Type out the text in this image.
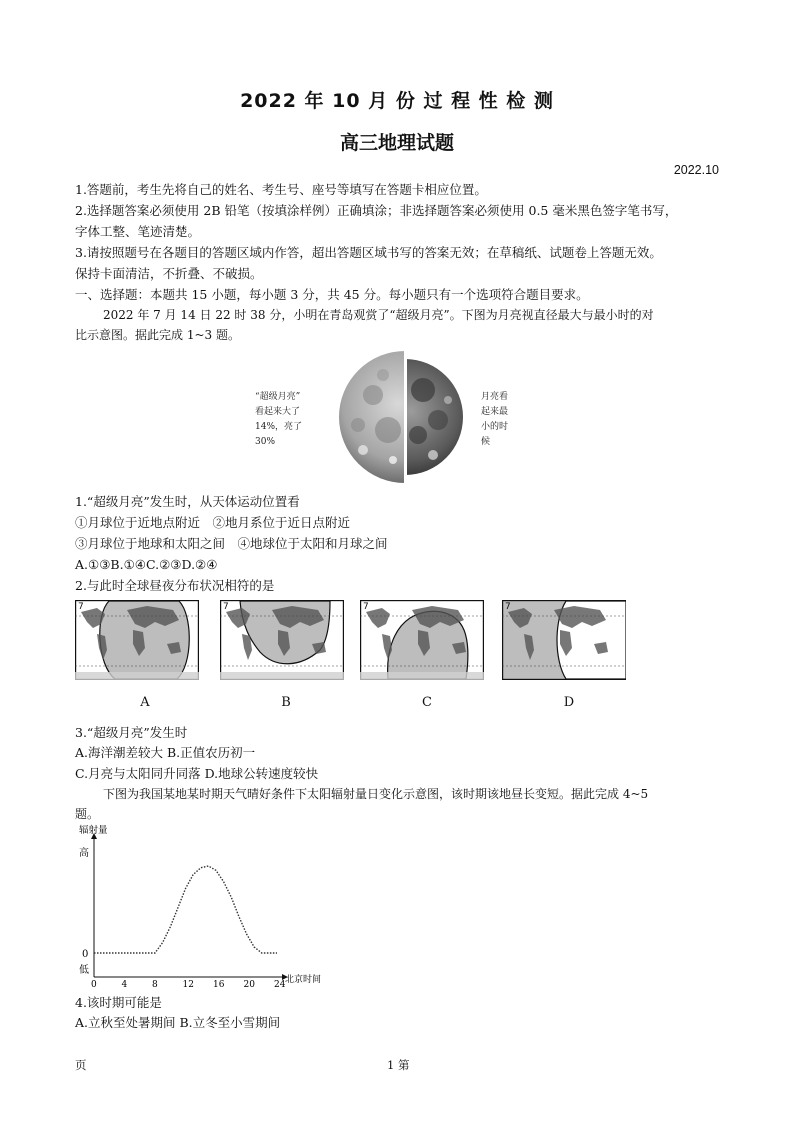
2022 年 10 月 份 过 程 性 检 测
高三地理试题
2022.10
1.答题前，考生先将自己的姓名、考生号、座号等填写在答题卡相应位置。
2.选择题答案必须使用 2B 铅笔（按填涂样例）正确填涂；非选择题答案必须使用 0.5 毫米黑色签字笔书写，
字体工整、笔迹清楚。
3.请按照题号在各题目的答题区域内作答，超出答题区域书写的答案无效；在草稿纸、试题卷上答题无效。
保持卡面清洁，不折叠、不破损。
一、选择题：本题共 15 小题，每小题 3 分，共 45 分。每小题只有一个选项符合题目要求。
2022 年 7 月 14 日 22 时 38 分，小明在青岛观赏了“超级月亮”。下图为月亮视直径最大与最小时的对
比示意图。据此完成 1~3 题。
“超级月亮”
看起来大了
14%，亮了
30%
月亮看
起来最
小的时
候
1.“超级月亮”发生时，从天体运动位置看
①月球位于近地点附近　②地月系位于近日点附近
③月球位于地球和太阳之间　④地球位于太阳和月球之间
A.①③B.①④C.②③D.②④
2.与此时全球昼夜分布状况相符的是
7	7	7	7
A	B	C	D
3.“超级月亮”发生时
A.海洋潮差较大 B.正值农历初一
C.月亮与太阳同升同落 D.地球公转速度较快
下图为我国某地某时期天气晴好条件下太阳辐射量日变化示意图，该时期该地昼长变短。据此完成 4~5
题。
辐射量
高
0
低
北京时间
0	4	8	12 16 20 24
4.该时期可能是
A.立秋至处暑期间 B.立冬至小雪期间
页	1 第
